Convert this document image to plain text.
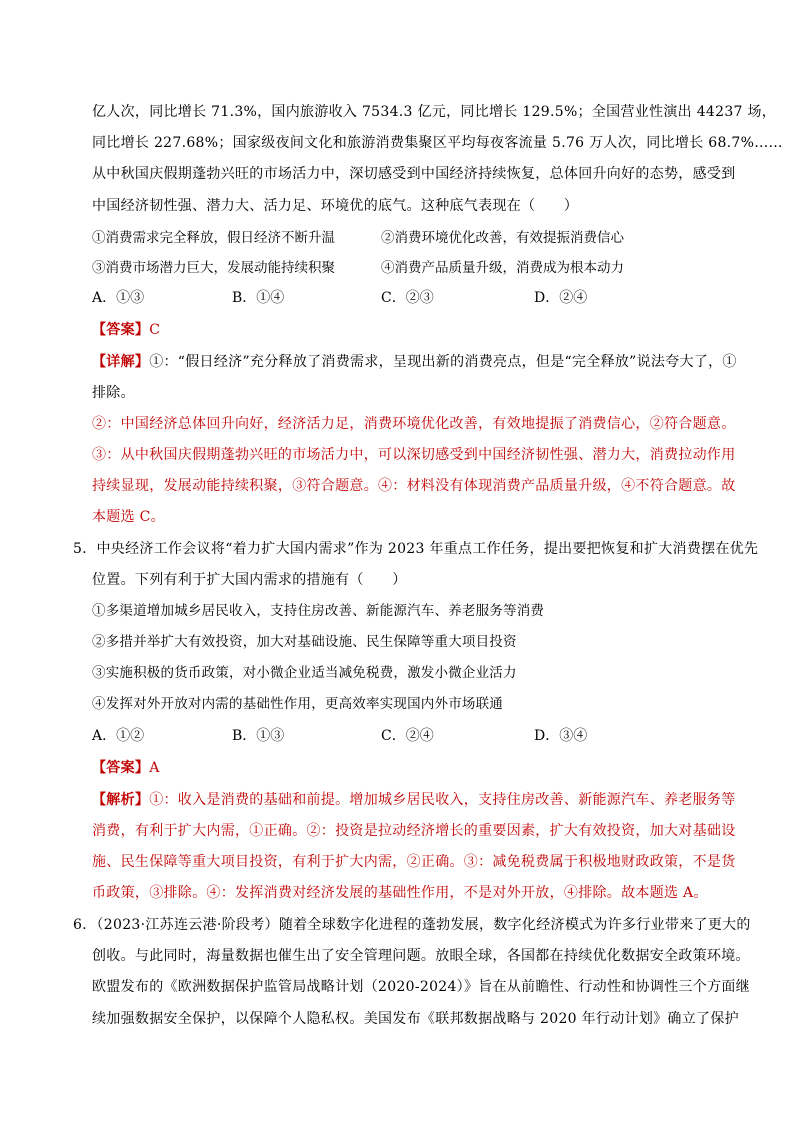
亿人次，同比增长 71.3%，国内旅游收入 7534.3 亿元，同比增长 129.5%；全国营业性演出 44237 场，
同比增长 227.68%；国家级夜间文化和旅游消费集聚区平均每夜客流量 5.76 万人次，同比增长 68.7%……
从中秋国庆假期蓬勃兴旺的市场活力中，深切感受到中国经济持续恢复，总体回升向好的态势，感受到
中国经济韧性强、潜力大、活力足、环境优的底气。这种底气表现在（　　）
①消费需求完全释放，假日经济不断升温	②消费环境优化改善，有效提振消费信心
③消费市场潜力巨大，发展动能持续积聚	④消费产品质量升级，消费成为根本动力
A．①③	B．①④	C．②③	D．②④
【答案】C
【详解】①：“假日经济”充分释放了消费需求，呈现出新的消费亮点，但是“完全释放”说法夸大了，①
排除。
②：中国经济总体回升向好，经济活力足，消费环境优化改善，有效地提振了消费信心，②符合题意。
③：从中秋国庆假期蓬勃兴旺的市场活力中，可以深切感受到中国经济韧性强、潜力大，消费拉动作用
持续显现，发展动能持续积聚，③符合题意。④：材料没有体现消费产品质量升级，④不符合题意。故
本题选 C。
5．中央经济工作会议将“着力扩大国内需求”作为 2023 年重点工作任务，提出要把恢复和扩大消费摆在优先
位置。下列有利于扩大国内需求的措施有（　　）
①多渠道增加城乡居民收入，支持住房改善、新能源汽车、养老服务等消费
②多措并举扩大有效投资，加大对基础设施、民生保障等重大项目投资
③实施积极的货币政策，对小微企业适当减免税费，激发小微企业活力
④发挥对外开放对内需的基础性作用，更高效率实现国内外市场联通
A．①②	B．①③	C．②④	D．③④
【答案】A
【解析】①：收入是消费的基础和前提。增加城乡居民收入，支持住房改善、新能源汽车、养老服务等
消费，有利于扩大内需，①正确。②：投资是拉动经济增长的重要因素，扩大有效投资，加大对基础设
施、民生保障等重大项目投资，有利于扩大内需，②正确。③：减免税费属于积极地财政政策，不是货
币政策，③排除。④：发挥消费对经济发展的基础性作用，不是对外开放，④排除。故本题选 A。
6．（2023·江苏连云港·阶段考）随着全球数字化进程的蓬勃发展，数字化经济模式为许多行业带来了更大的
创收。与此同时，海量数据也催生出了安全管理问题。放眼全球，各国都在持续优化数据安全政策环境。
欧盟发布的《欧洲数据保护监管局战略计划（2020-2024）》旨在从前瞻性、行动性和协调性三个方面继
续加强数据安全保护，以保障个人隐私权。美国发布《联邦数据战略与 2020 年行动计划》确立了保护
